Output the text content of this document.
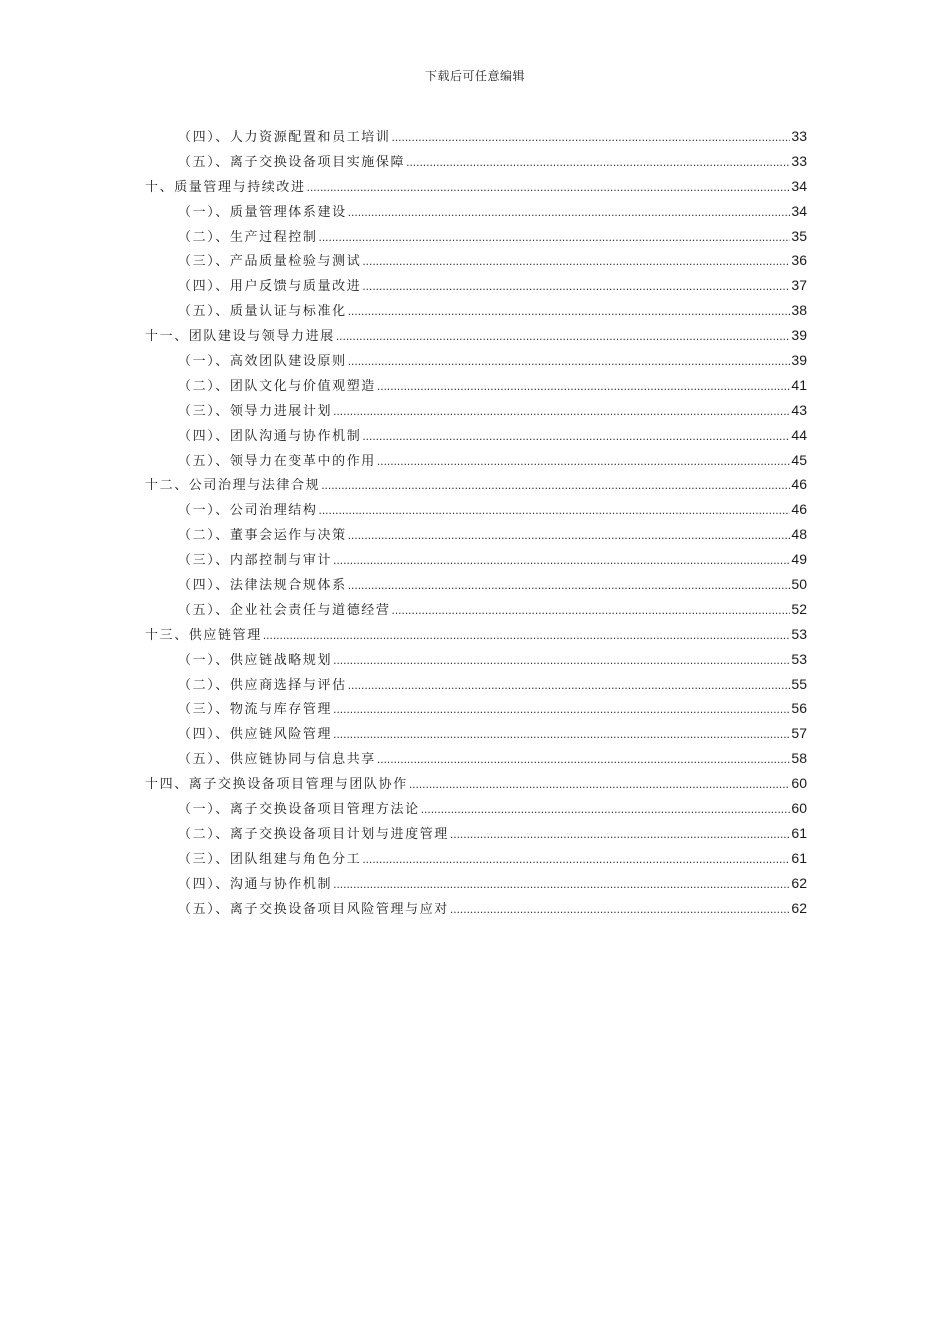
下载后可任意编辑
（四）、人力资源配置和员工培训 .....	33
（五）、离子交换设备项目实施保障 .....	33
十、质量管理与持续改进 .....	34
（一）、质量管理体系建设 .....	34
（二）、生产过程控制 .....	35
（三）、产品质量检验与测试 .....	36
（四）、用户反馈与质量改进 .....	37
（五）、质量认证与标准化 .....	38
十一、团队建设与领导力进展 .....	39
（一）、高效团队建设原则 .....	39
（二）、团队文化与价值观塑造 .....	41
（三）、领导力进展计划 .....	43
（四）、团队沟通与协作机制 .....	44
（五）、领导力在变革中的作用 .....	45
十二、公司治理与法律合规 .....	46
（一）、公司治理结构 .....	46
（二）、董事会运作与决策 .....	48
（三）、内部控制与审计 .....	49
（四）、法律法规合规体系 .....	50
（五）、企业社会责任与道德经营 .....	52
十三、供应链管理 .....	53
（一）、供应链战略规划 .....	53
（二）、供应商选择与评估 .....	55
（三）、物流与库存管理 .....	56
（四）、供应链风险管理 .....	57
（五）、供应链协同与信息共享 .....	58
十四、离子交换设备项目管理与团队协作 .....	60
（一）、离子交换设备项目管理方法论 .....	60
（二）、离子交换设备项目计划与进度管理 .....	61
（三）、团队组建与角色分工 .....	61
（四）、沟通与协作机制 .....	62
（五）、离子交换设备项目风险管理与应对 .....	62
